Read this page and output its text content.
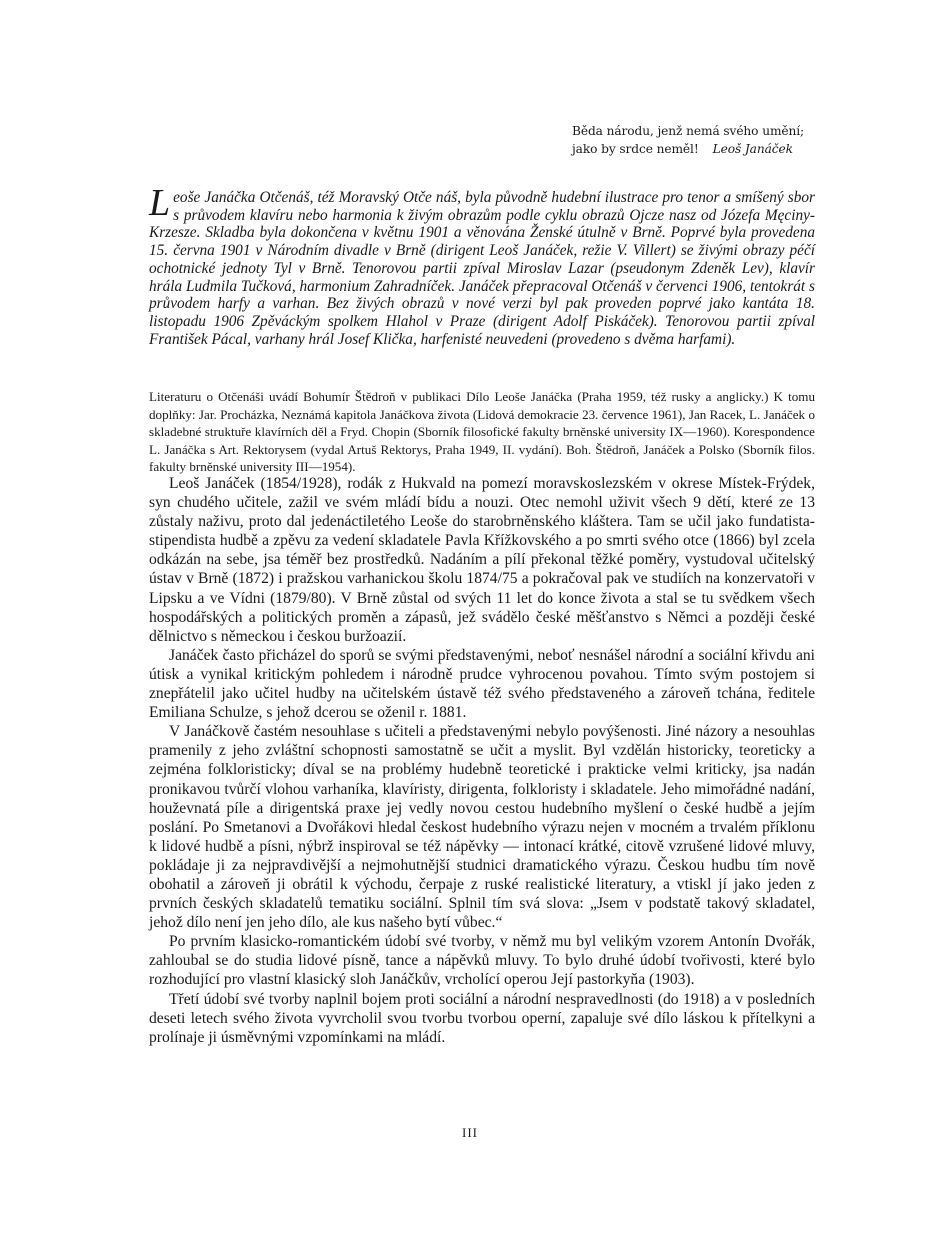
Běda národu, jenž nemá svého umění;
jako by srdce neměl! Leoš Janáček

Leoše Janáčka Otčenáš, též Moravský Otče náš, byla původně hudební ilustrace pro tenor a smíšený sbor s průvodem klavíru nebo harmonia k živým obrazům podle cyklu obrazů Ojcze nasz od Józefa Męciny-Krzesze. Skladba byla dokončena v květnu 1901 a věnována Ženské útulně v Brně. Poprvé byla provedena 15. června 1901 v Národním divadle v Brně (dirigent Leoš Janáček, režie V. Villert) se živými obrazy péčí ochotnické jednoty Tyl v Brně. Tenorovou partii zpíval Miroslav Lazar (pseudonym Zdeněk Lev), klavír hrála Ludmila Tučková, harmonium Zahradníček. Janáček přepracoval Otčenáš v červenci 1906, tentokrát s průvodem harfy a varhan. Bez živých obrazů v nové verzi byl pak proveden poprvé jako kantáta 18. listopadu 1906 Zpěváckým spolkem Hlahol v Praze (dirigent Adolf Piskáček). Tenorovou partii zpíval František Pácal, varhany hrál Josef Klička, harfenisté neuvedeni (provedeno s dvěma harfami).

Literaturu o Otčenáši uvádí Bohumír Štědroň v publikaci Dílo Leoše Janáčka (Praha 1959, též rusky a anglicky.) K tomu doplňky: Jar. Procházka, Neznámá kapitola Janáčkova života (Lidová demokracie 23. července 1961), Jan Racek, L. Janáček o skladebné struktuře klavírních děl a Fryd. Chopin (Sborník filosofické fakulty brněnské university IX—1960). Korespondence L. Janáčka s Art. Rektorysem (vydal Artuš Rektorys, Praha 1949, II. vydání). Boh. Štědroň, Janáček a Polsko (Sborník filos. fakulty brněnské university III—1954).

Leoš Janáček (1854/1928), rodák z Hukvald na pomezí moravskoslezském v okrese Místek-Frýdek, syn chudého učitele, zažil ve svém mládí bídu a nouzi. Otec nemohl uživit všech 9 dětí, které ze 13 zůstaly naživu, proto dal jedenáctiletého Leoše do starobrněnského kláštera. Tam se učil jako fundatista-stipendista hudbě a zpěvu za vedení skladatele Pavla Křížkovského a po smrti svého otce (1866) byl zcela odkázán na sebe, jsa téměř bez prostředků. Nadáním a pílí překonal těžké poměry, vystudoval učitelský ústav v Brně (1872) i pražskou varhanickou školu 1874/75 a pokračoval pak ve studiích na konzervatoři v Lipsku a ve Vídni (1879/80). V Brně zůstal od svých 11 let do konce života a stal se tu svědkem všech hospodářských a politických proměn a zápasů, jež svádělo české měšťanstvo s Němci a později české dělnictvo s německou i českou buržoazií.

Janáček často přicházel do sporů se svými představenými, neboť nesnášel národní a sociální křivdu ani útisk a vynikal kritickým pohledem i národně prudce vyhrocenou povahou. Tímto svým postojem si znepřátelil jako učitel hudby na učitelském ústavě též svého představeného a zároveň tchána, ředitele Emiliana Schulze, s jehož dcerou se oženil r. 1881.

V Janáčkově častém nesouhlase s učiteli a představenými nebylo povýšenosti. Jiné názory a nesouhlas pramenily z jeho zvláštní schopnosti samostatně se učit a myslit. Byl vzdělán historicky, teoreticky a zejména folkloristicky; díval se na problémy hudebně teoretické i prakticke velmi kriticky, jsa nadán pronikavou tvůrčí vlohou varhaníka, klavíristy, dirigenta, folkloristy i skladatele. Jeho mimořádné nadání, houževnatá píle a dirigentská praxe jej vedly novou cestou hudebního myšlení o české hudbě a jejím poslání. Po Smetanovi a Dvořákovi hledal českost hudebního výrazu nejen v mocném a trvalém příklonu k lidové hudbě a písni, nýbrž inspiroval se též nápěvky — intonací krátké, citově vzrušené lidové mluvy, pokládaje ji za nejpravdivější a nejmohutnější studnici dramatického výrazu. Českou hudbu tím nově obohatil a zároveň ji obrátil k východu, čerpaje z ruské realistické literatury, a vtiskl jí jako jeden z prvních českých skladatelů tematiku sociální. Splnil tím svá slova: „Jsem v podstatě takový skladatel, jehož dílo není jen jeho dílo, ale kus našeho bytí vůbec.“

Po prvním klasicko-romantickém údobí své tvorby, v němž mu byl velikým vzorem Antonín Dvořák, zahloubal se do studia lidové písně, tance a nápěvků mluvy. To bylo druhé údobí tvořivosti, které bylo rozhodující pro vlastní klasický sloh Janáčkův, vrcholící operou Její pastorkyňa (1903).

Třetí údobí své tvorby naplnil bojem proti sociální a národní nespravedlnosti (do 1918) a v posledních deseti letech svého života vyvrcholil svou tvorbu tvorbou operní, zapaluje své dílo láskou k přítelkyni a prolínaje ji úsměvnými vzpomínkami na mládí.

III
